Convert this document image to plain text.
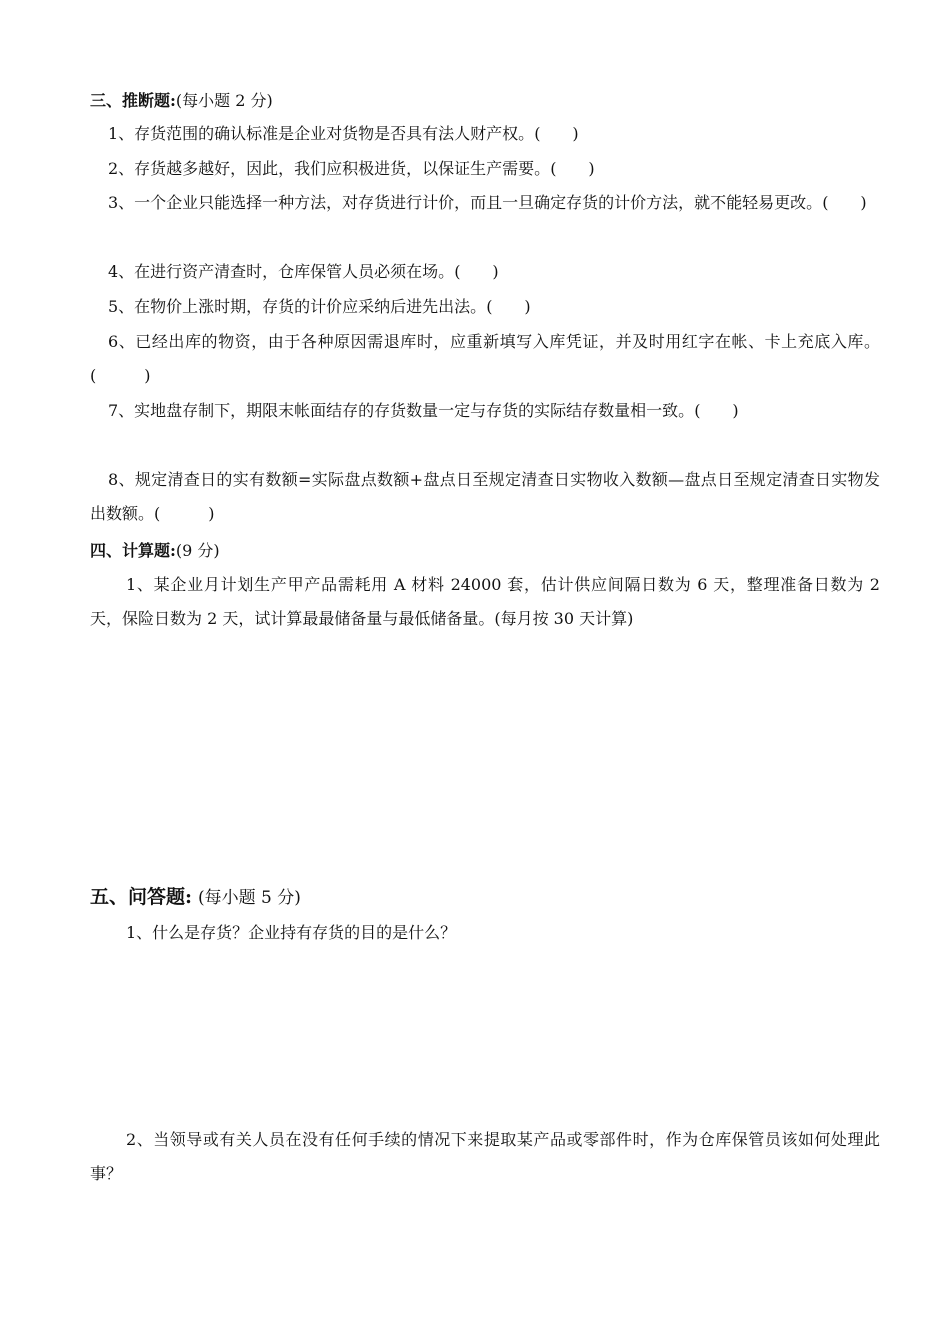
三、推断题:(每小题 2 分)
1、存货范围的确认标准是企业对货物是否具有法人财产权。(　　)
2、存货越多越好，因此，我们应积极进货，以保证生产需要。(　　)
3、一个企业只能选择一种方法，对存货进行计价，而且一旦确定存货的计价方法，就不能轻易更改。(　　)
4、在进行资产清查时，仓库保管人员必须在场。(　　)
5、在物价上涨时期，存货的计价应采纳后进先出法。(　　)
6、已经出库的物资，由于各种原因需退库时，应重新填写入库凭证，并及时用红字在帐、卡上充底入库。(　　　)
7、实地盘存制下，期限末帐面结存的存货数量一定与存货的实际结存数量相一致。(　　)
8、规定清查日的实有数额=实际盘点数额+盘点日至规定清查日实物收入数额—盘点日至规定清查日实物发出数额。(　　　)
四、计算题:(9 分)
1、某企业月计划生产甲产品需耗用 A 材料 24000 套，估计供应间隔日数为 6 天，整理准备日数为 2 天，保险日数为 2 天，试计算最最储备量与最低储备量。(每月按 30 天计算)
五、问答题: (每小题 5 分)
1、什么是存货？企业持有存货的目的是什么？
2、当领导或有关人员在没有任何手续的情况下来提取某产品或零部件时，作为仓库保管员该如何处理此事？
